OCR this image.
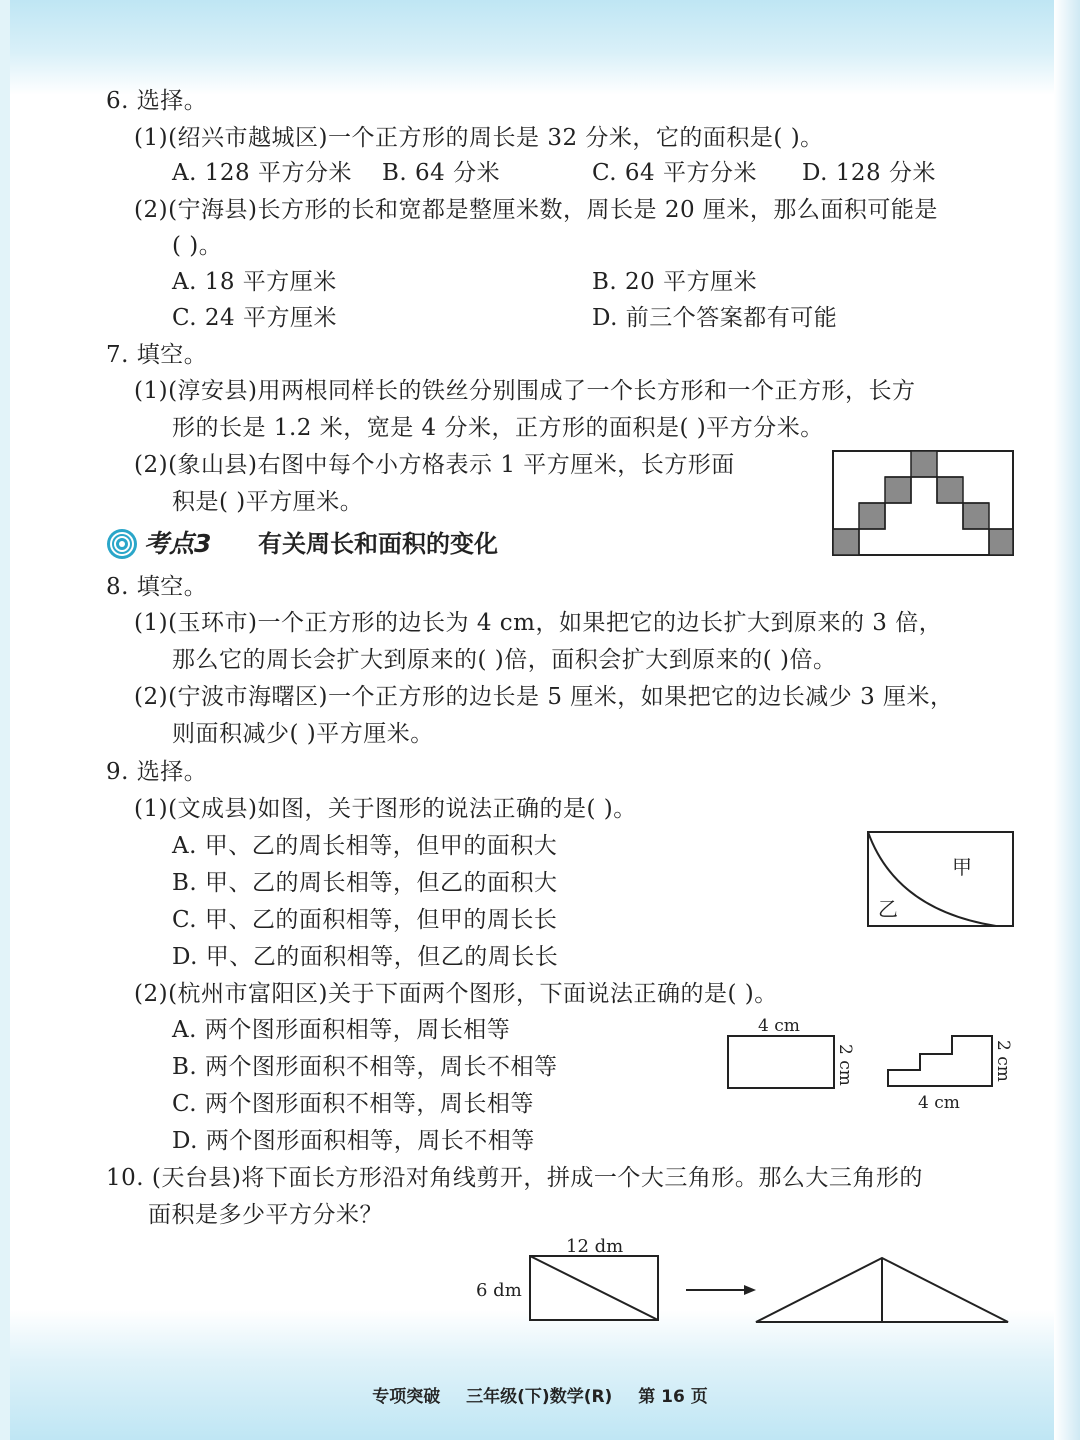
6. 选择。
(1)(绍兴市越城区)一个正方形的周长是 32 分米，它的面积是( )。
A. 128 平方分米 B. 64 分米	C. 64 平方分米 D. 128 分米
(2)(宁海县)长方形的长和宽都是整厘米数，周长是 20 厘米，那么面积可能是
( )。
A. 18 平方厘米	B. 20 平方厘米
C. 24 平方厘米	D. 前三个答案都有可能
7. 填空。
(1)(淳安县)用两根同样长的铁丝分别围成了一个长方形和一个正方形，长方
形的长是 1.2 米，宽是 4 分米，正方形的面积是( )平方分米。
(2)(象山县)右图中每个小方格表示 1 平方厘米，长方形面
积是( )平方厘米。
考点3 有关周长和面积的变化
8. 填空。
(1)(玉环市)一个正方形的边长为 4 cm，如果把它的边长扩大到原来的 3 倍，
那么它的周长会扩大到原来的( )倍，面积会扩大到原来的( )倍。
(2)(宁波市海曙区)一个正方形的边长是 5 厘米，如果把它的边长减少 3 厘米，
则面积减少( )平方厘米。
9. 选择。
(1)(文成县)如图，关于图形的说法正确的是( )。
A. 甲、乙的周长相等，但甲的面积大
B. 甲、乙的周长相等，但乙的面积大
C. 甲、乙的面积相等，但甲的周长长
D. 甲、乙的面积相等，但乙的周长长
甲
乙
(2)(杭州市富阳区)关于下面两个图形，下面说法正确的是( )。
A. 两个图形面积相等，周长相等
B. 两个图形面积不相等，周长不相等
C. 两个图形面积不相等，周长相等
D. 两个图形面积相等，周长不相等
4 cm
2 cm
4 cm
2 cm
10. (天台县)将下面长方形沿对角线剪开，拼成一个大三角形。那么大三角形的
面积是多少平方分米？
12 dm
6 dm
专项突破 三年级(下)数学(R) 第 16 页
